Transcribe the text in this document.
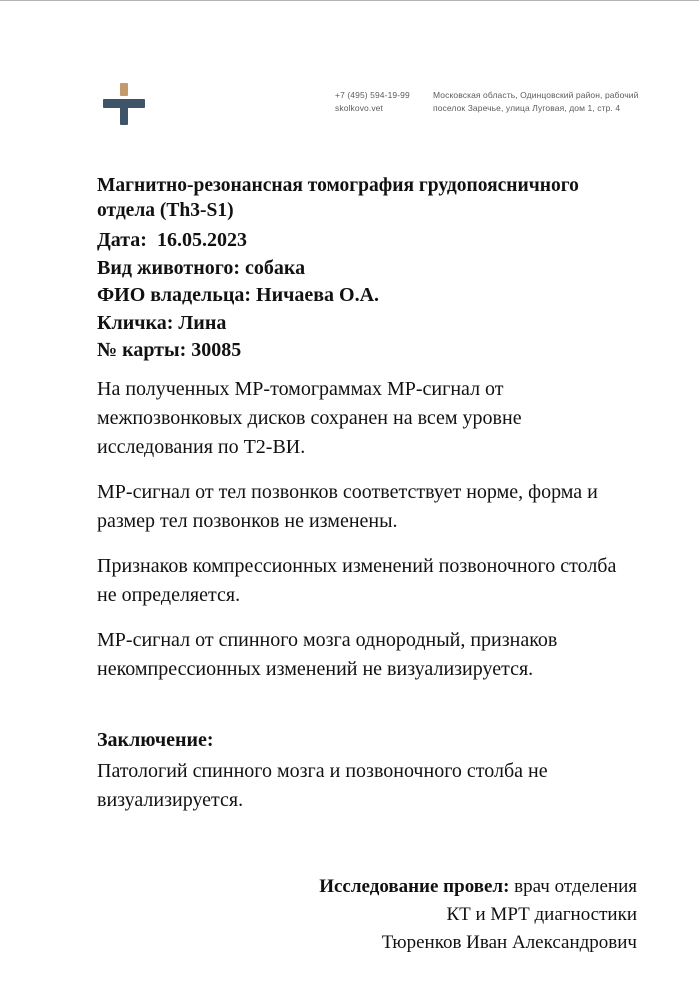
+7 (495) 594-19-99
skolkovo.vet
Московская область, Одинцовский район, рабочий поселок Заречье, улица Луговая, дом 1, стр. 4
Магнитно-резонансная томография грудопоясничного отдела (Th3-S1)
Дата:  16.05.2023
Вид животного: собака
ФИО владельца: Ничаева О.А.
Кличка: Лина
№ карты: 30085

На полученных МР-томограммах МР-сигнал от межпозвонковых дисков сохранен на всем уровне исследования по Т2-ВИ.

МР-сигнал от тел позвонков соответствует норме, форма и размер тел позвонков не изменены.

Признаков компрессионных изменений позвоночного столба не определяется.

МР-сигнал от спинного мозга однородный, признаков некомпрессионных изменений не визуализируется.

Заключение:

Патологий спинного мозга и позвоночного столба не визуализируется.

Исследование провел: врач отделения
КТ и МРТ диагностики
Тюренков Иван Александрович
